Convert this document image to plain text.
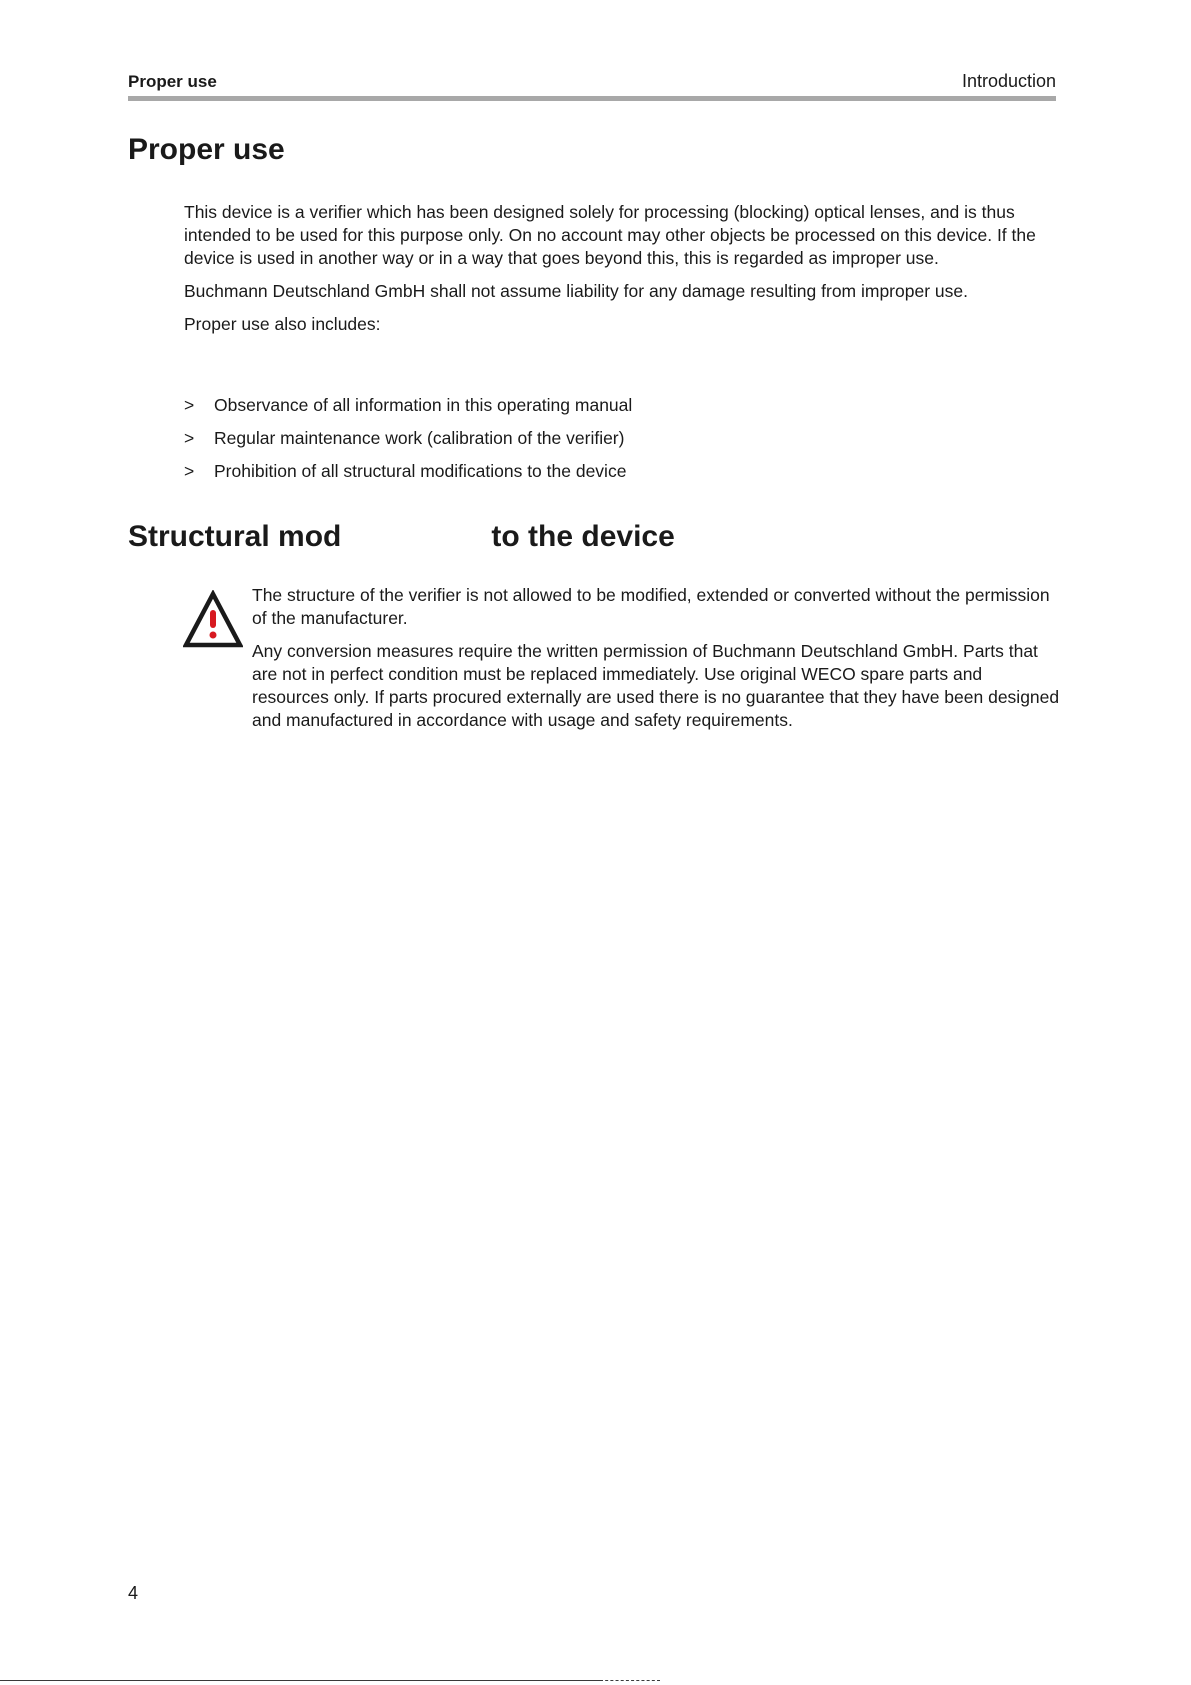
Proper use	Introduction
Proper use

This device is a verifier which has been designed solely for processing (blocking) optical lenses, and is thus intended to be used for this purpose only. On no account may other objects be processed on this device. If the device is used in another way or in a way that goes beyond this, this is regarded as improper use.

Buchmann Deutschland GmbH shall not assume liability for any damage resulting from improper use.

Proper use also includes:

>	Observance of all information in this operating manual
>	Regular maintenance work (calibration of the verifier)
>	Prohibition of all structural modifications to the device
Structural mod                  to the device

The structure of the verifier is not allowed to be modified, extended or converted without the permission of the manufacturer.

Any conversion measures require the written permission of Buchmann Deutschland GmbH. Parts that are not in perfect condition must be replaced immediately. Use original WECO spare parts and resources only. If parts procured externally are used there is no guarantee that they have been designed and manufactured in accordance with usage and safety requirements.

4
